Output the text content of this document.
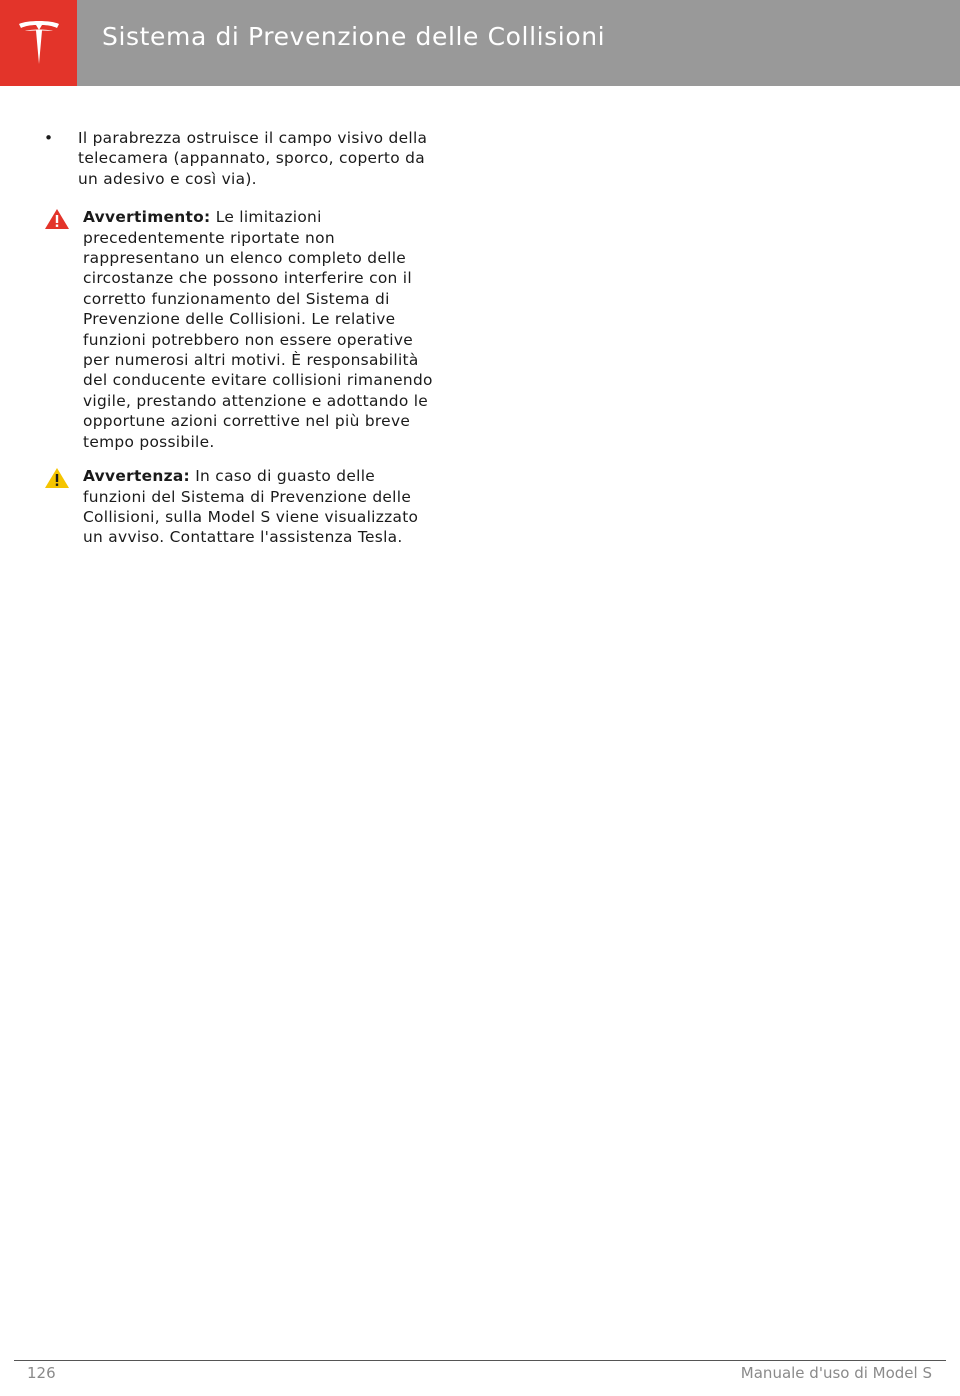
Sistema di Prevenzione delle Collisioni
• Il parabrezza ostruisce il campo visivo della telecamera (appannato, sporco, coperto da un adesivo e così via).
Avvertimento: Le limitazioni precedentemente riportate non rappresentano un elenco completo delle circostanze che possono interferire con il corretto funzionamento del Sistema di Prevenzione delle Collisioni. Le relative funzioni potrebbero non essere operative per numerosi altri motivi. È responsabilità del conducente evitare collisioni rimanendo vigile, prestando attenzione e adottando le opportune azioni correttive nel più breve tempo possibile.
Avvertenza: In caso di guasto delle funzioni del Sistema di Prevenzione delle Collisioni, sulla Model S viene visualizzato un avviso. Contattare l'assistenza Tesla.
126	Manuale d'uso di Model S
